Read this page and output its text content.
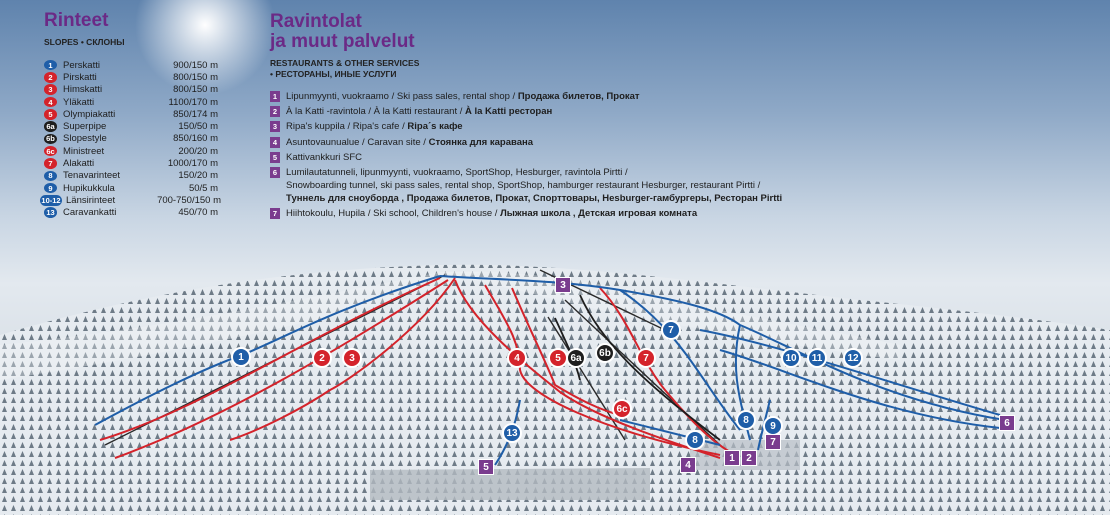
Rinteet
SLOPES • СКЛОНЫ
1	Perskatti	900/150 m
2	Pirskatti	800/150 m
3	Himskatti	800/150 m
4	Yläkatti	1100/170 m
5	Olympiakatti	850/174 m
6a Superpipe	150/50 m
6b Slopestyle	850/160 m
6c Ministreet	200/20 m
7	Alakatti	1000/170 m
8	Tenavarinteet	150/20 m
9	Hupikukkula	50/5 m
10-12 Länsirinteet	700-750/150 m
13 Caravankatti	450/70 m
Ravintolat
ja muut palvelut
RESTAURANTS & OTHER SERVICES
• РЕСТОРАНЫ, ИНЫЕ УСЛУГИ
1 Lipunmyynti, vuokraamo / Ski pass sales, rental shop / Продажа билетов, Прокат
2 À la Katti -ravintola / À la Katti restaurant / À la Katti ресторан
3 Ripa's kuppila / Ripa's cafe / Ripa´s кафе
4 Asuntovaunualue / Caravan site / Стоянка для каравана
5 Kattivankkuri SFC
6 Lumilautatunneli, lipunmyynti, vuokraamo, SportShop, Hesburger, ravintola Pirtti /
Snowboarding tunnel, ski pass sales, rental shop, SportShop, hamburger restaurant Hesburger, restaurant Pirtti /
Туннель для сноуборда , Продажа билетов, Прокат, Спорттовары, Hesburger-гамбургеры, Ресторан Pirtti
7 Hiihtokoulu, Hupila / Ski school, Children's house / Лыжная школа , Детская игровая комната
1	2	3	4	5 6a	6b	7
6c
7
13
8
8
9
10	11	12
3
5	4
1	2
7
6
